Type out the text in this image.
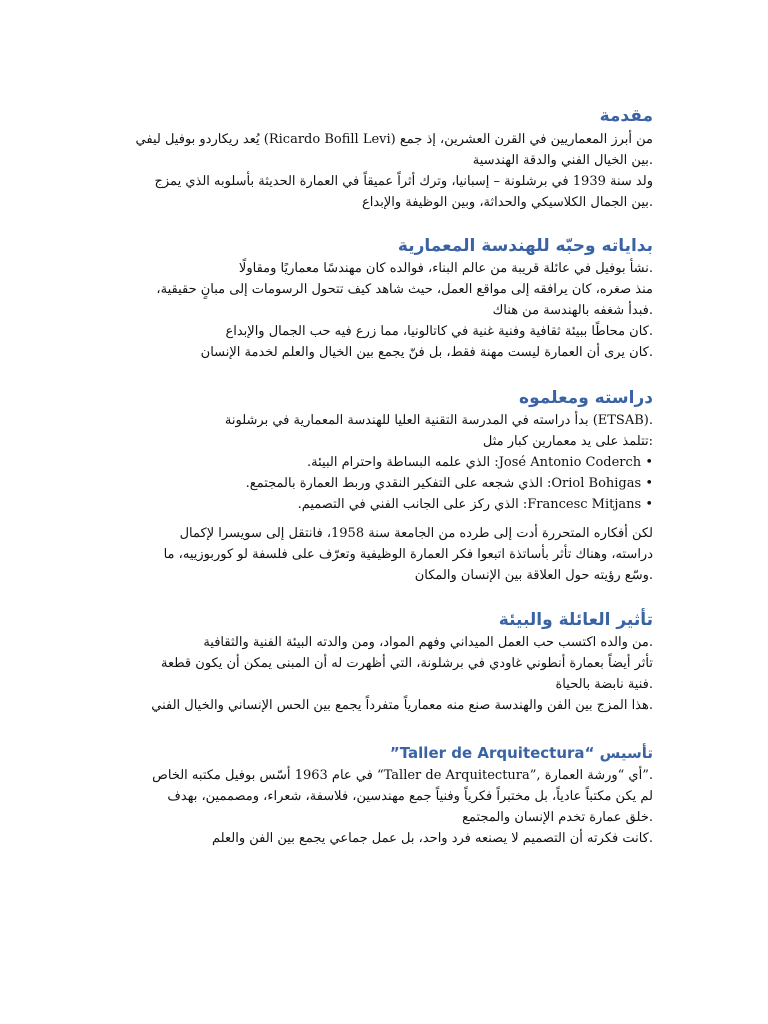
مقدمة

من أبرز المعماريين في القرن العشرين، إذ جمع (Ricardo Bofill Levi) يُعد ريكاردو بوفيل ليفي

.بين الخيال الفني والدقة الهندسية

ولد سنة 1939 في برشلونة – إسبانيا، وترك أثراً عميقاً في العمارة الحديثة بأسلوبه الذي يمزج

.بين الجمال الكلاسيكي والحداثة، وبين الوظيفة والإبداع

بداياته وحبّه للهندسة المعمارية

.نشأ بوفيل في عائلة قريبة من عالم البناء، فوالده كان مهندسًا معماريًا ومقاولًا

منذ صغره، كان يرافقه إلى مواقع العمل، حيث شاهد كيف تتحول الرسومات إلى مبانٍ حقيقية،

.فبدأ شغفه بالهندسة من هناك

.كان محاطًا ببيئة ثقافية وفنية غنية في كاتالونيا، مما زرع فيه حب الجمال والإبداع

.كان يرى أن العمارة ليست مهنة فقط، بل فنّ يجمع بين الخيال والعلم لخدمة الإنسان

دراسته ومعلموه

.(ETSAB) بدأ دراسته في المدرسة التقنية العليا للهندسة المعمارية في برشلونة

:تتلمذ على يد معمارين كبار مثل

• José Antonio Coderch: الذي علمه البساطة واحترام البيئة.

• Oriol Bohigas: الذي شجعه على التفكير النقدي وربط العمارة بالمجتمع.

• Francesc Mitjans: الذي ركز على الجانب الفني في التصميم.

لكن أفكاره المتحررة أدت إلى طرده من الجامعة سنة 1958، فانتقل إلى سويسرا لإكمال

دراسته، وهناك تأثر بأساتذة اتبعوا فكر العمارة الوظيفية وتعرّف على فلسفة لو كوربوزييه، ما

.وسّع رؤيته حول العلاقة بين الإنسان والمكان

تأثير العائلة والبيئة

.من والده اكتسب حب العمل الميداني وفهم المواد، ومن والدته البيئة الفنية والثقافية

تأثر أيضاً بعمارة أنطوني غاودي في برشلونة، التي أظهرت له أن المبنى يمكن أن يكون قطعة

.فنية نابضة بالحياة

.هذا المزج بين الفن والهندسة صنع منه معمارياً متفرداً يجمع بين الحس الإنساني والخيال الفني

تأسيس “Taller de Arquitectura”

.”أي “ورشة العمارة ,”Taller de Arquitectura“ في عام 1963 أسّس بوفيل مكتبه الخاص

لم يكن مكتباً عادياً، بل مختبراً فكرياً وفنياً جمع مهندسين، فلاسفة، شعراء، ومصممين، بهدف

.خلق عمارة تخدم الإنسان والمجتمع

.كانت فكرته أن التصميم لا يصنعه فرد واحد، بل عمل جماعي يجمع بين الفن والعلم
